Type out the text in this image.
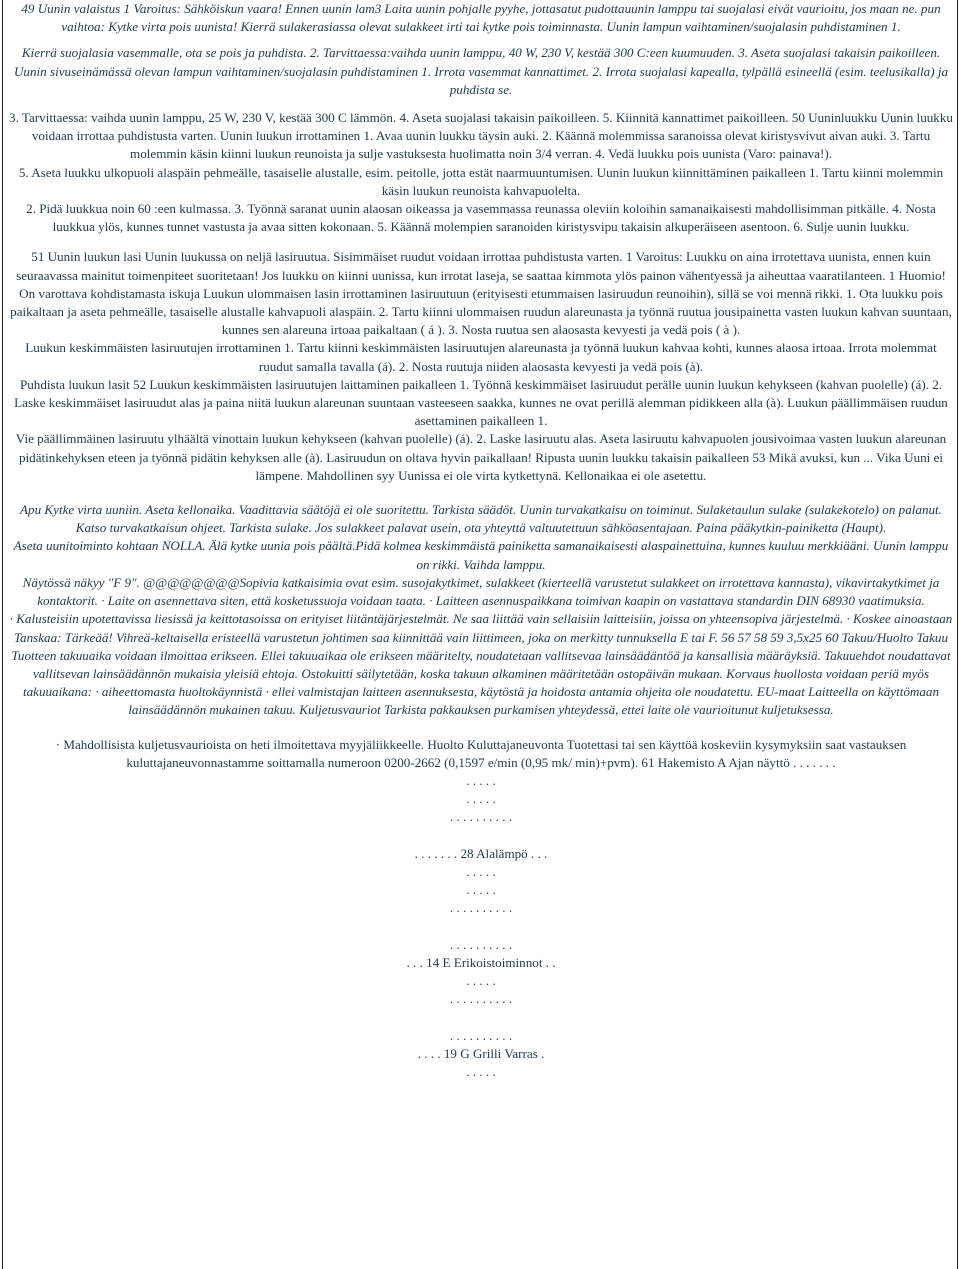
49 Uunin valaistus 1 Varoitus: Sähköiskun vaara! Ennen uunin lam3 Laita uunin pohjalle pyyhe, jottasatut pudottauunin lamppu tai suojalasi eivät vaurioitu, jos maan ne. pun vaihtoa: Kytke virta pois uunista! Kierrä sulakerasiassa olevat sulakkeet irti tai kytke pois toiminnasta. Uunin lampun vaihtaminen/suojalasin puhdistaminen 1.

Kierrä suojalasia vasemmalle, ota se pois ja puhdista. 2. Tarvittaessa:vaihda uunin lamppu, 40 W, 230 V, kestää 300 C:een kuumuuden. 3. Aseta suojalasi takaisin paikoilleen. Uunin sivuseinämässä olevan lampun vaihtaminen/suojalasin puhdistaminen 1. Irrota vasemmat kannattimet. 2. Irrota suojalasi kapealla, tylpällä esineellä (esim. teelusikalla) ja puhdista se.

3. Tarvittaessa: vaihda uunin lamppu, 25 W, 230 V, kestää 300 C lämmön. 4. Aseta suojalasi takaisin paikoilleen. 5. Kiinnitä kannattimet paikoilleen. 50 Uuninluukku Uunin luukku voidaan irrottaa puhdistusta varten. Uunin luukun irrottaminen 1. Avaa uunin luukku täysin auki. 2. Käännä molemmissa saranoissa olevat kiristysvivut aivan auki. 3. Tartu molemmin käsin kiinni luukun reunoista ja sulje vastuksesta huolimatta noin 3/4 verran. 4. Vedä luukku pois uunista (Varo: painava!).

5. Aseta luukku ulkopuoli alaspäin pehmeälle, tasaiselle alustalle, esim. peitolle, jotta estät naarmuuntumisen. Uunin luukun kiinnittäminen paikalleen 1. Tartu kiinni molemmin käsin luukun reunoista kahvapuolelta.

2. Pidä luukkua noin 60 :een kulmassa. 3. Työnnä saranat uunin alaosan oikeassa ja vasemmassa reunassa oleviin koloihin samanaikaisesti mahdollisimman pitkälle. 4. Nosta luukkua ylös, kunnes tunnet vastusta ja avaa sitten kokonaan. 5. Käännä molempien saranoiden kiristysvipu takaisin alkuperäiseen asentoon. 6. Sulje uunin luukku.

51 Uunin luukun lasi Uunin luukussa on neljä lasiruutua. Sisimmäiset ruudut voidaan irrottaa puhdistusta varten. 1 Varoitus: Luukku on aina irrotettava uunista, ennen kuin seuraavassa mainitut toimenpiteet suoritetaan! Jos luukku on kiinni uunissa, kun irrotat laseja, se saattaa kimmota ylös painon vähentyessä ja aiheuttaa vaaratilanteen. 1 Huomio! On varottava kohdistamasta iskuja Luukun ulommaisen lasin irrottaminen lasiruutuun (erityisesti etummaisen lasiruudun reunoihin), sillä se voi mennä rikki. 1. Ota luukku pois paikaltaan ja aseta pehmeälle, tasaiselle alustalle kahvapuoli alaspäin. 2. Tartu kiinni ulommaisen ruudun alareunasta ja työnnä ruutua jousipainetta vasten luukun kahvan suuntaan, kunnes sen alareuna irtoaa paikaltaan ( á ). 3. Nosta ruutua sen alaosasta kevyesti ja vedä pois ( à ).

Luukun keskimmäisten lasiruutujen irrottaminen 1. Tartu kiinni keskimmäisten lasiruutujen alareunasta ja työnnä luukun kahvaa kohti, kunnes alaosa irtoaa. Irrota molemmat ruudut samalla tavalla (á). 2. Nosta ruutuja niiden alaosasta kevyesti ja vedä pois (à).

Puhdista luukun lasit 52 Luukun keskimmäisten lasiruutujen laittaminen paikalleen 1. Työnnä keskimmäiset lasiruudut perälle uunin luukun kehykseen (kahvan puolelle) (á). 2. Laske keskimmäiset lasiruudut alas ja paina niitä luukun alareunan suuntaan vasteeseen saakka, kunnes ne ovat perillä alemman pidikkeen alla (à). Luukun päällimmäisen ruudun asettaminen paikalleen 1.

Vie päällimmäinen lasiruutu ylhäältä vinottain luukun kehykseen (kahvan puolelle) (á). 2. Laske lasiruutu alas. Aseta lasiruutu kahvapuolen jousivoimaa vasten luukun alareunan pidätinkehyksen eteen ja työnnä pidätin kehyksen alle (à). Lasiruudun on oltava hyvin paikallaan! Ripusta uunin luukku takaisin paikalleen 53 Mikä avuksi, kun ... Vika Uuni ei lämpene. Mahdollinen syy Uunissa ei ole virta kytkettynä. Kellonaikaa ei ole asetettu.

Apu Kytke virta uuniin. Aseta kellonaika. Vaadittavia säätöjä ei ole suoritettu. Tarkista säädöt. Uunin turvakatkaisu on toiminut. Sulaketaulun sulake (sulakekotelo) on palanut. Katso turvakatkaisun ohjeet. Tarkista sulake. Jos sulakkeet palavat usein, ota yhteyttä valtuutettuun sähköasentajaan. Paina pääkytkin-painiketta (Haupt).

Aseta uunitoiminto kohtaan NOLLA. Älä kytke uunia pois päältä.Pidä kolmea keskimmäistä painiketta samanaikaisesti alaspainettuina, kunnes kuuluu merkkiääni. Uunin lamppu on rikki. Vaihda lamppu.

Näytössä näkyy "F 9". @@@@@@@@Sopivia katkaisimia ovat esim. susojakytkimet, sulakkeet (kierteellä varustetut sulakkeet on irrotettava kannasta), vikavirtakytkimet ja kontaktorit. · Laite on asennettava siten, että kosketussuoja voidaan taata. · Laitteen asennuspaikkana toimivan kaapin on vastattava standardin DIN 68930 vaatimuksia.

· Kalusteisiin upotettavissa liesissä ja keittotasoissa on erityiset liitäntäjärjestelmät. Ne saa liittää vain sellaisiin laitteisiin, joissa on yhteensopiva järjestelmä. · Koskee ainoastaan Tanskaa: Tärkeää! Vihreä-keltaisella eristeellä varustetun johtimen saa kiinnittää vain liittimeen, joka on merkitty tunnuksella E tai F. 56 57 58 59 3,5x25 60 Takuu/Huolto Takuu Tuotteen takuuaika voidaan ilmoittaa erikseen. Ellei takuuaikaa ole erikseen määritelty, noudatetaan vallitsevaa lainsäädäntöä ja kansallisia määräyksiä. Takuuehdot noudattavat vallitsevan lainsäädännön mukaisia yleisiä ehtoja. Ostokuitti säilytetään, koska takuun alkaminen määritetään ostopäivän mukaan. Korvaus huollosta voidaan periä myös takuuaikana: · aiheettomasta huoltokäynnistä · ellei valmistajan laitteen asennuksesta, käytöstä ja hoidosta antamia ohjeita ole noudatettu. EU-maat Laitteella on käyttömaan lainsäädännön mukainen takuu. Kuljetusvauriot Tarkista pakkauksen purkamisen yhteydessä, ettei laite ole vaurioitunut kuljetuksessa.

· Mahdollisista kuljetusvaurioista on heti ilmoitettava myyjäliikkeelle. Huolto Kuluttajaneuvonta Tuotettasi tai sen käyttöä koskeviin kysymyksiin saat vastauksen kuluttajaneuvonnastamme soittamalla numeroon 0200-2662 (0,1597 e/min (0,95 mk/ min)+pvm). 61 Hakemisto A Ajan näyttö . . . . . . .

. . . . .

. . . . .

. . . . . . . . . .

. . . . . . . 28 Alalämpö . . .

. . . . .

. . . . .

. . . . . . . . . .

. . . . . . . . . .

. . . 14 E Erikoistoiminnot . .

. . . . .

. . . . . . . . . .

. . . . . . . . . .

. . . . 19 G Grilli Varras .

. . . . .
